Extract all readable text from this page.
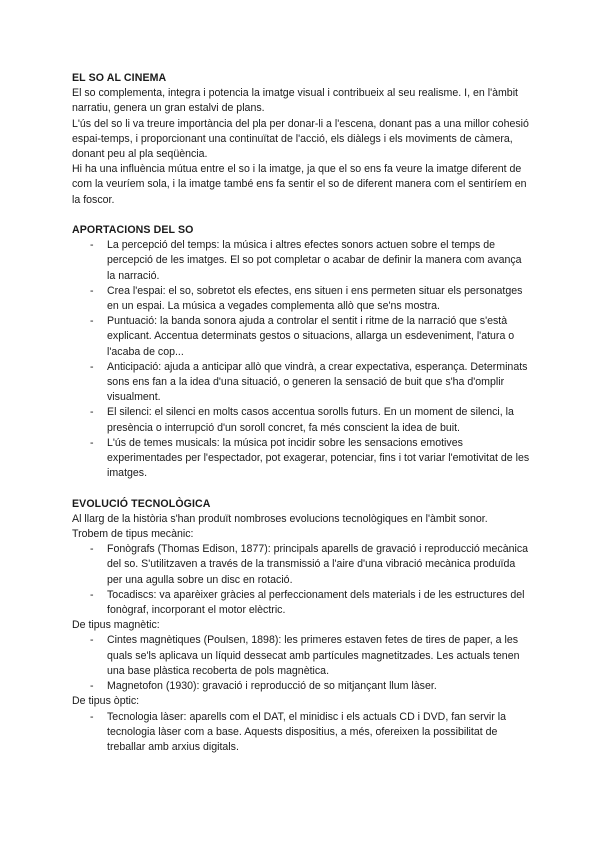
EL SO AL CINEMA

El so complementa, integra i potencia la imatge visual i contribueix al seu realisme. I, en l'àmbit narratiu, genera un gran estalvi de plans.

L'ús del so li va treure importància del pla per donar-li a l'escena, donant pas a una millor cohesió espai-temps, i proporcionant una continuïtat de l'acció, els diàlegs i els moviments de càmera, donant peu al pla seqüència.

Hi ha una influència mútua entre el so i la imatge, ja que el so ens fa veure la imatge diferent de com la veuríem sola, i la imatge també ens fa sentir el so de diferent manera com el sentiríem en la foscor.

APORTACIONS DEL SO
- La percepció del temps: la música i altres efectes sonors actuen sobre el temps de percepció de les imatges. El so pot completar o acabar de definir la manera com avança la narració.
- Crea l'espai: el so, sobretot els efectes, ens situen i ens permeten situar els personatges en un espai. La música a vegades complementa allò que se'ns mostra.
- Puntuació: la banda sonora ajuda a controlar el sentit i ritme de la narració que s'està explicant. Accentua determinats gestos o situacions, allarga un esdeveniment, l'atura o l'acaba de cop...
- Anticipació: ajuda a anticipar allò que vindrà, a crear expectativa, esperança. Determinats sons ens fan a la idea d'una situació, o generen la sensació de buit que s'ha d'omplir visualment.
- El silenci: el silenci en molts casos accentua sorolls futurs. En un moment de silenci, la presència o interrupció d'un soroll concret, fa més conscient la idea de buit.
- L'ús de temes musicals: la música pot incidir sobre les sensacions emotives experimentades per l'espectador, pot exagerar, potenciar, fins i tot variar l'emotivitat de les imatges.
EVOLUCIÓ TECNOLÒGICA

Al llarg de la història s'han produït nombroses evolucions tecnològiques en l'àmbit sonor.

Trobem de tipus mecànic:

- Fonògrafs (Thomas Edison, 1877): principals aparells de gravació i reproducció mecànica del so. S'utilitzaven a través de la transmissió a l'aire d'una vibració mecànica produïda per una agulla sobre un disc en rotació.
- Tocadiscs: va aparèixer gràcies al perfeccionament dels materials i de les estructures del fonògraf, incorporant el motor elèctric.

De tipus magnètic:

- Cintes magnètiques (Poulsen, 1898): les primeres estaven fetes de tires de paper, a les quals se'ls aplicava un líquid dessecat amb partícules magnetitzades. Les actuals tenen una base plàstica recoberta de pols magnètica.
- Magnetofon (1930): gravació i reproducció de so mitjançant llum làser.

De tipus òptic:

- Tecnologia làser: aparells com el DAT, el minidisc i els actuals CD i DVD, fan servir la tecnologia làser com a base. Aquests dispositius, a més, ofereixen la possibilitat de treballar amb arxius digitals.
